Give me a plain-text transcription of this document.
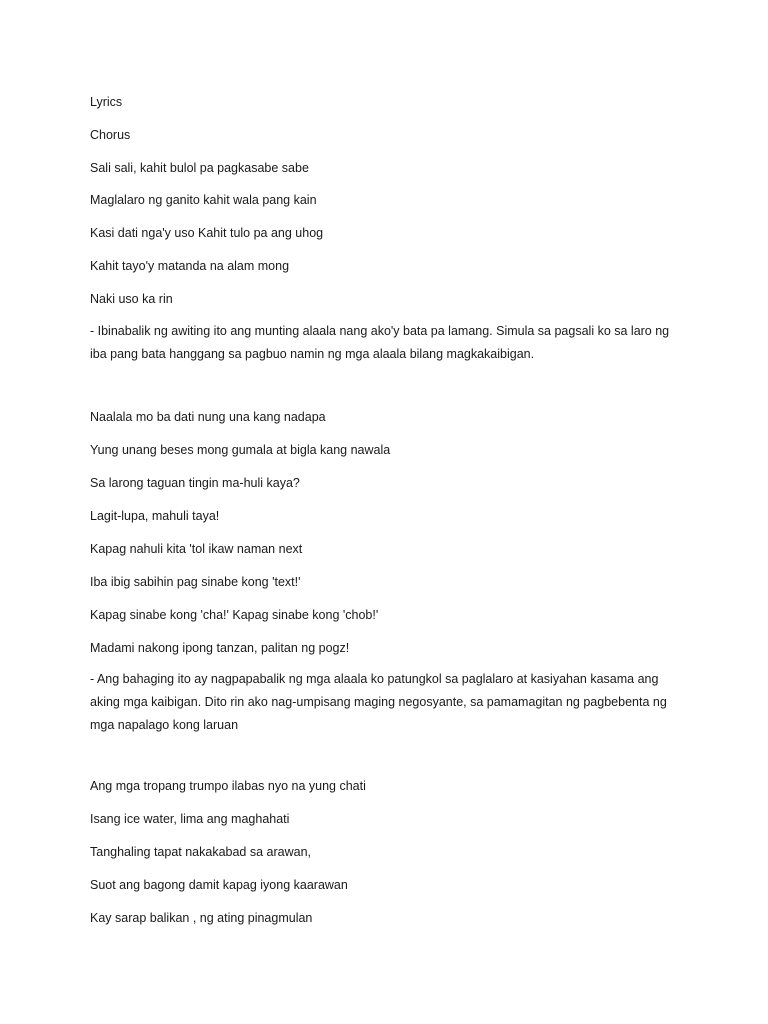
Lyrics
Chorus
Sali sali, kahit bulol pa pagkasabe sabe
Maglalaro ng ganito kahit wala pang kain
Kasi dati nga'y uso Kahit tulo pa ang uhog
Kahit tayo'y matanda na alam mong
Naki uso ka rin
- Ibinabalik ng awiting ito ang munting alaala nang ako'y bata pa lamang. Simula sa pagsali ko sa laro ng iba pang bata hanggang sa pagbuo namin ng mga alaala bilang magkakaibigan.
Naalala mo ba dati nung una kang nadapa
Yung unang beses mong gumala at bigla kang nawala
Sa larong taguan tingin ma-huli kaya?
Lagit-lupa, mahuli taya!
Kapag nahuli kita 'tol ikaw naman next
Iba ibig sabihin pag sinabe kong 'text!'
Kapag sinabe kong 'cha!' Kapag sinabe kong 'chob!'
Madami nakong ipong tanzan, palitan ng pogz!
- Ang bahaging ito ay nagpapabalik ng mga alaala ko patungkol sa paglalaro at kasiyahan kasama ang aking mga kaibigan. Dito rin ako nag-umpisang maging negosyante, sa pamamagitan ng pagbebenta ng mga napalago kong laruan
Ang mga tropang trumpo ilabas nyo na yung chati
Isang ice water, lima ang maghahati
Tanghaling tapat nakakabad sa arawan,
Suot ang bagong damit kapag iyong kaarawan
Kay sarap balikan , ng ating pinagmulan
